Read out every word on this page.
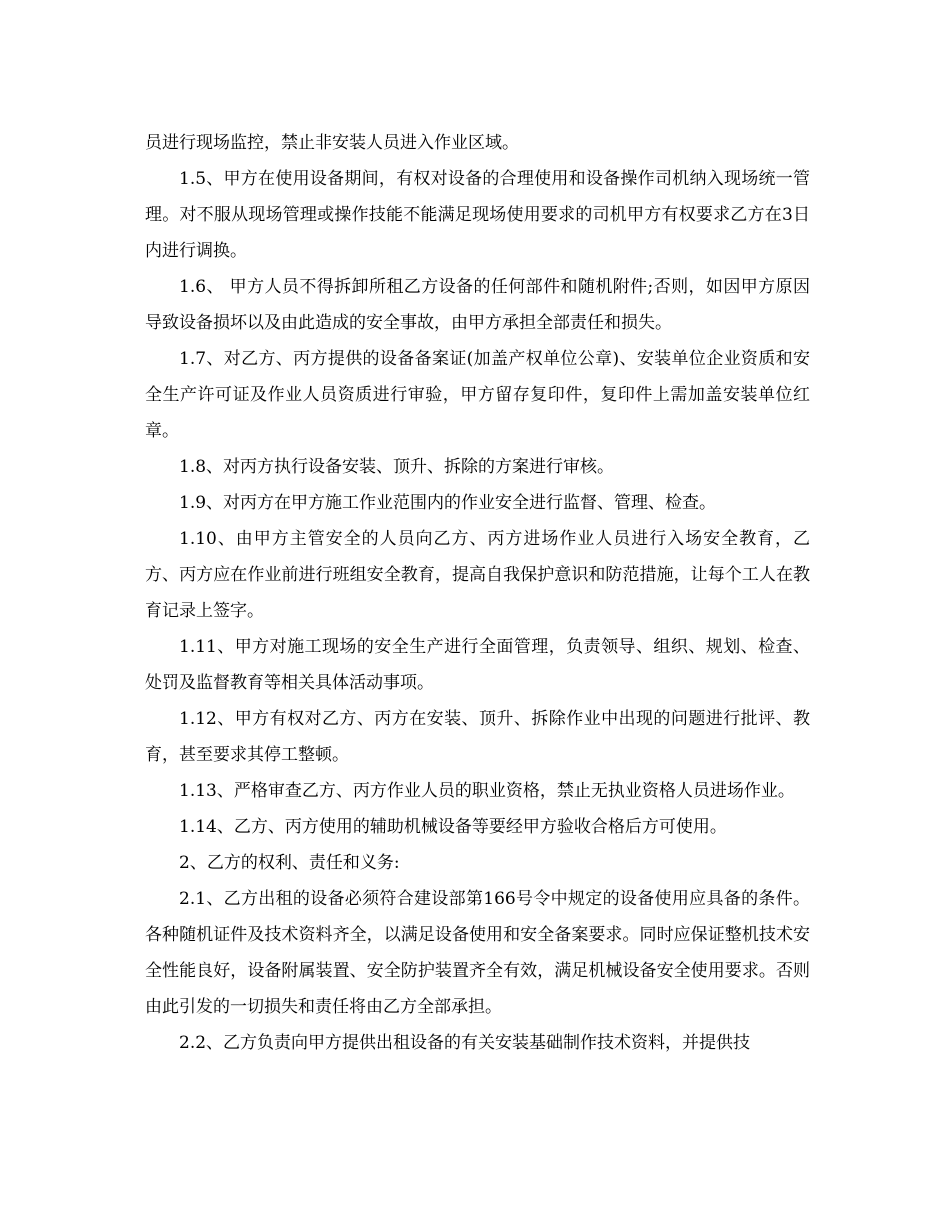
员进行现场监控，禁止非安装人员进入作业区域。

1.5、甲方在使用设备期间，有权对设备的合理使用和设备操作司机纳入现场统一管理。对不服从现场管理或操作技能不能满足现场使用要求的司机甲方有权要求乙方在3日内进行调换。

1.6、 甲方人员不得拆卸所租乙方设备的任何部件和随机附件;否则，如因甲方原因导致设备损坏以及由此造成的安全事故，由甲方承担全部责任和损失。

1.7、对乙方、丙方提供的设备备案证(加盖产权单位公章)、安装单位企业资质和安全生产许可证及作业人员资质进行审验，甲方留存复印件，复印件上需加盖安装单位红章。

1.8、对丙方执行设备安装、顶升、拆除的方案进行审核。

1.9、对丙方在甲方施工作业范围内的作业安全进行监督、管理、检查。

1.10、由甲方主管安全的人员向乙方、丙方进场作业人员进行入场安全教育，乙方、丙方应在作业前进行班组安全教育，提高自我保护意识和防范措施，让每个工人在教育记录上签字。

1.11、甲方对施工现场的安全生产进行全面管理，负责领导、组织、规划、检查、处罚及监督教育等相关具体活动事项。

1.12、甲方有权对乙方、丙方在安装、顶升、拆除作业中出现的问题进行批评、教育，甚至要求其停工整顿。

1.13、严格审查乙方、丙方作业人员的职业资格，禁止无执业资格人员进场作业。

1.14、乙方、丙方使用的辅助机械设备等要经甲方验收合格后方可使用。

2、乙方的权利、责任和义务:

2.1、乙方出租的设备必须符合建设部第166号令中规定的设备使用应具备的条件。各种随机证件及技术资料齐全，以满足设备使用和安全备案要求。同时应保证整机技术安全性能良好，设备附属装置、安全防护装置齐全有效，满足机械设备安全使用要求。否则由此引发的一切损失和责任将由乙方全部承担。

2.2、乙方负责向甲方提供出租设备的有关安装基础制作技术资料，并提供技
